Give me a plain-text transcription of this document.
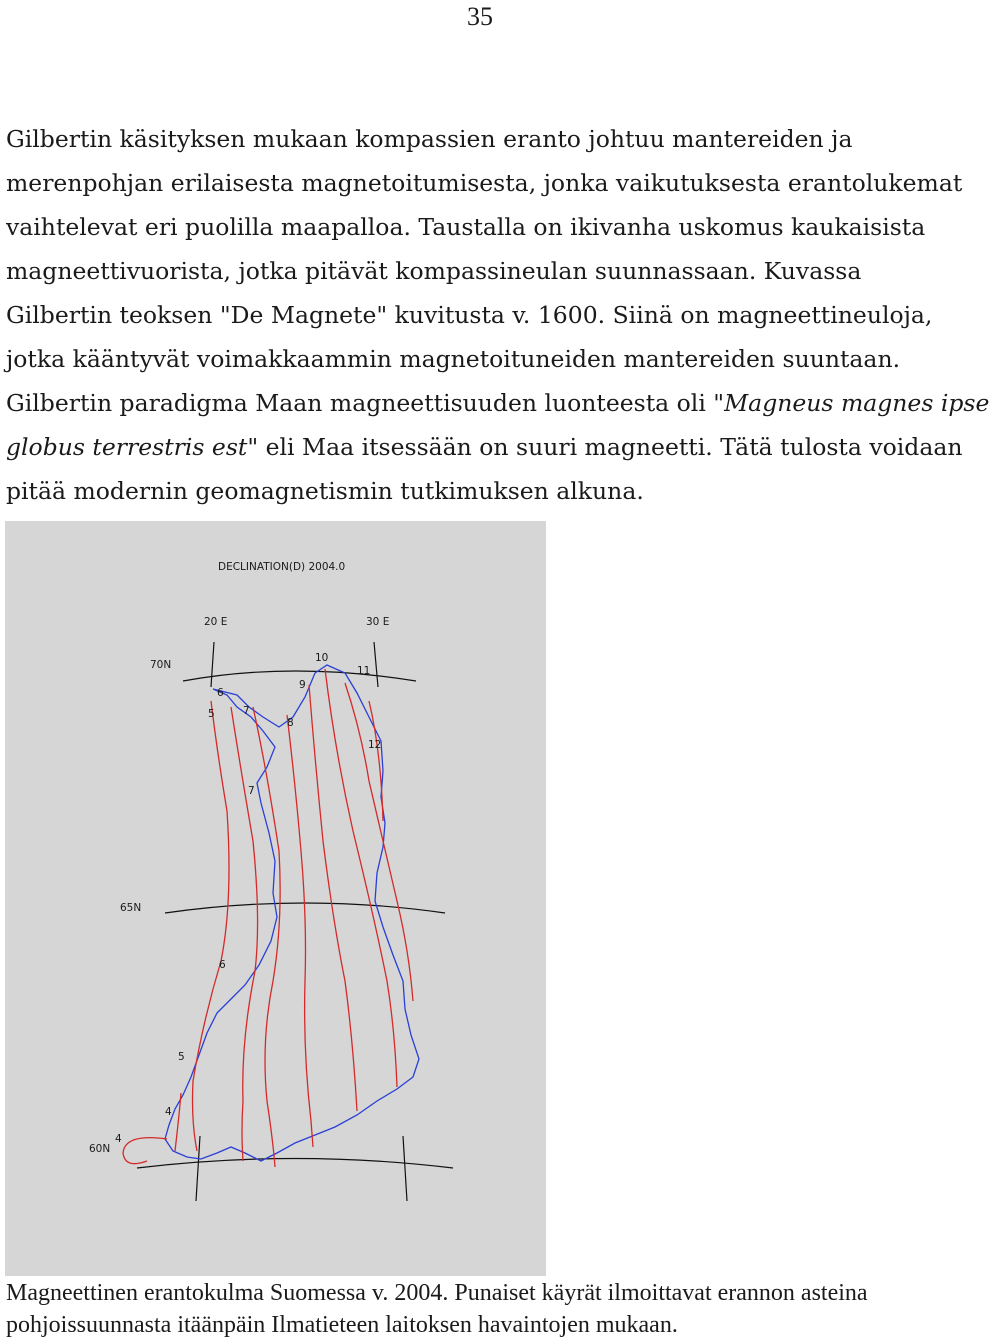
35

Gilbertin käsityksen mukaan kompassien eranto johtuu mantereiden ja
merenpohjan erilaisesta magnetoitumisesta, jonka vaikutuksesta erantolukemat
vaihtelevat eri puolilla maapalloa. Taustalla on ikivanha uskomus kaukaisista
magneettivuorista, jotka pitävät kompassineulan suunnassaan. Kuvassa
Gilbertin teoksen "De Magnete" kuvitusta v. 1600. Siinä on magneettineuloja,
jotka kääntyvät voimakkaammin magnetoituneiden mantereiden suuntaan.
Gilbertin paradigma Maan magneettisuuden luonteesta oli "Magneus magnes ipse
globus terrestris est" eli Maa itsessään on suuri magneetti. Tätä tulosta voidaan
pitää modernin geomagnetismin tutkimuksen alkuna.

DECLINATION(D) 2004.0
20 E	30 E
70N
65N
60N
4
4
5
5
6
6
7
7
8
9
10
11
12
Magneettinen erantokulma Suomessa v. 2004. Punaiset käyrät ilmoittavat erannon asteina
pohjoissuunnasta itäänpäin Ilmatieteen laitoksen havaintojen mukaan.
